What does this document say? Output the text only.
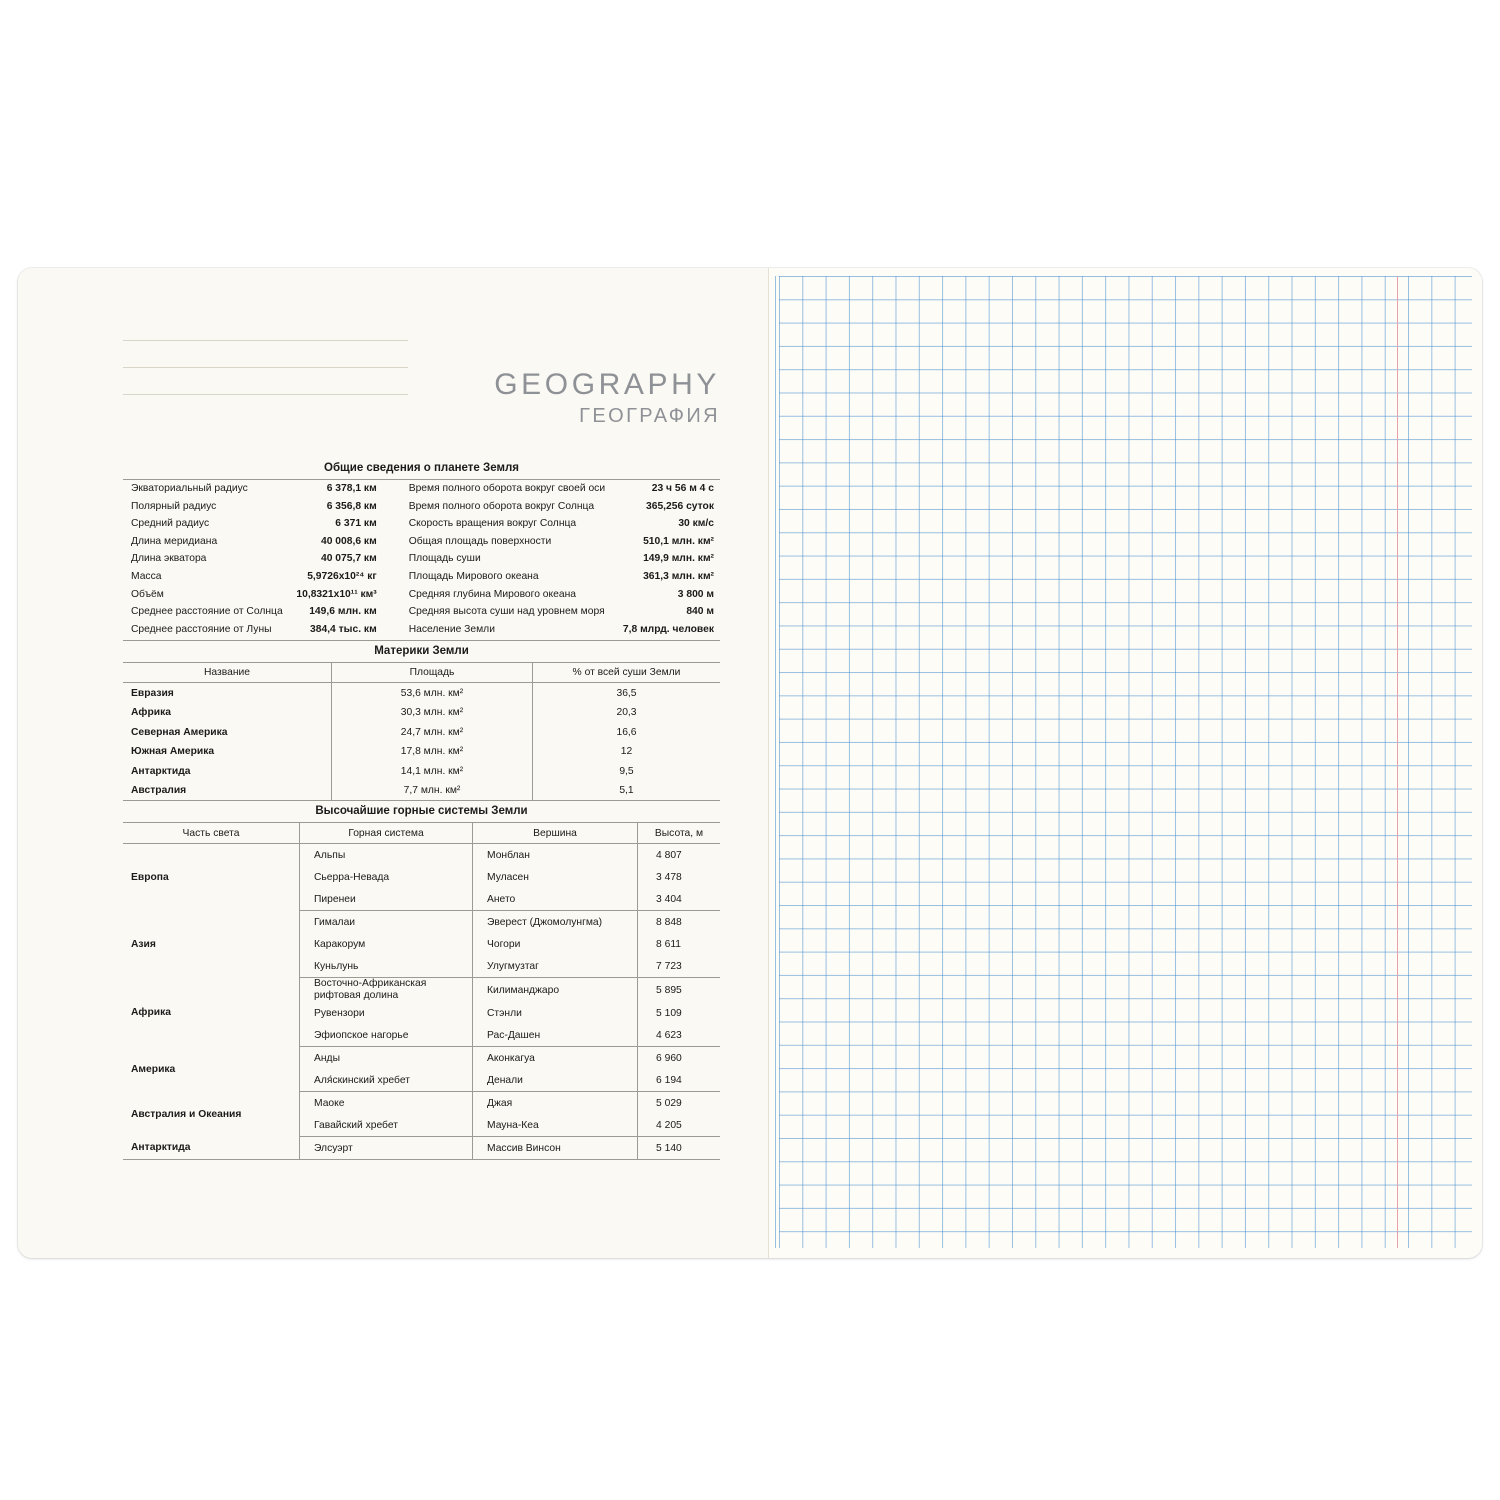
GEOGRAPHY
ГЕОГРАФИЯ
Общие сведения о планете Земля
Экваториальный радиус	6 378,1 км		Время полного оборота вокруг своей оси	23 ч 56 м 4 с
Полярный радиус	6 356,8 км		Время полного оборота вокруг Солнца	365,256 суток
Средний радиус	6 371 км		Скорость вращения вокруг Солнца	30 км/с
Длина меридиана	40 008,6 км		Общая площадь поверхности	510,1 млн. км²
Длина экватора	40 075,7 км		Площадь суши	149,9 млн. км²
Масса	5,9726x10²⁴ кг		Площадь Мирового океана	361,3 млн. км²
Объём	10,8321x10¹¹ км³		Средняя глубина Мирового океана	3 800 м
Среднее расстояние от Солнца	149,6 млн. км		Средняя высота суши над уровнем моря	840 м
Среднее расстояние от Луны	384,4 тыс. км		Население Земли	7,8 млрд. человек
Материки Земли
Название	Площадь	% от всей суши Земли
Евразия	53,6 млн. км²	36,5
Африка	30,3 млн. км²	20,3
Северная Америка	24,7 млн. км²	16,6
Южная Америка	17,8 млн. км²	12
Антарктида	14,1 млн. км²	9,5
Австралия	7,7 млн. км²	5,1
Высочайшие горные системы Земли
Часть света	Горная система	Вершина	Высота, м
Европа	Альпы	Монблан	4 807
	Сьерра-Невада	Муласен	3 478
	Пиренеи	Ането	3 404
Азия	Гималаи	Эверест (Джомолунгма)	8 848
	Каракорум	Чогори	8 611
	Куньлунь	Улугмузтаг	7 723
Африка	Восточно-Африканская рифтовая долина	Килиманджаро	5 895
	Рувензори	Стэнли	5 109
	Эфиопское нагорье	Рас-Дашен	4 623
Америка	Анды	Аконкагуа	6 960
	Аля́скинский хребет	Денали	6 194
Австралия и Океания	Маоке	Джая	5 029
	Гавайский хребет	Мауна-Кеа	4 205
Антарктида	Элсуэрт	Массив Винсон	5 140
